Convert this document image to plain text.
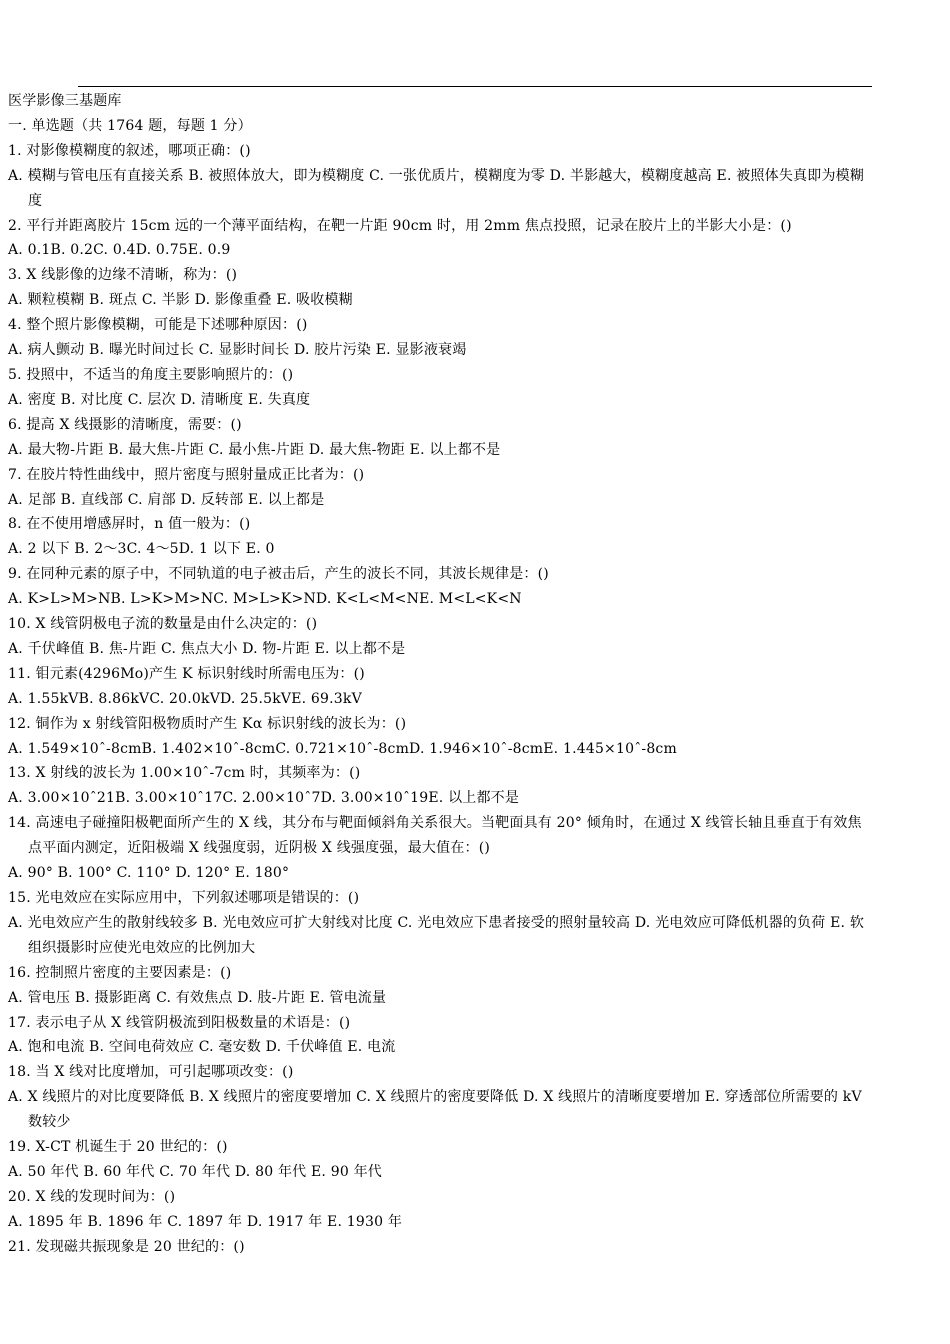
医学影像三基题库
一. 单选题（共 1764 题，每题 1 分）
1. 对影像模糊度的叙述，哪项正确：()
A. 模糊与管电压有直接关系 B. 被照体放大，即为模糊度 C. 一张优质片，模糊度为零 D. 半影越大，模糊度越高 E. 被照体失真即为模糊度
2. 平行并距离胶片 15cm 远的一个薄平面结构，在靶一片距 90cm 时，用 2mm 焦点投照，记录在胶片上的半影大小是：()
A. 0.1B. 0.2C. 0.4D. 0.75E. 0.9
3. X 线影像的边缘不清晰，称为：()
A. 颗粒模糊 B. 斑点 C. 半影 D. 影像重叠 E. 吸收模糊
4. 整个照片影像模糊，可能是下述哪种原因：()
A. 病人颤动 B. 曝光时间过长 C. 显影时间长 D. 胶片污染 E. 显影液衰竭
5. 投照中，不适当的角度主要影响照片的：()
A. 密度 B. 对比度 C. 层次 D. 清晰度 E. 失真度
6. 提高 X 线摄影的清晰度，需要：()
A. 最大物-片距 B. 最大焦-片距 C. 最小焦-片距 D. 最大焦-物距 E. 以上都不是
7. 在胶片特性曲线中，照片密度与照射量成正比者为：()
A. 足部 B. 直线部 C. 肩部 D. 反转部 E. 以上都是
8. 在不使用增感屏时，n 值一般为：()
A. 2 以下 B. 2～3C. 4～5D. 1 以下 E. 0
9. 在同种元素的原子中，不同轨道的电子被击后，产生的波长不同，其波长规律是：()
A. K>L>M>NB. L>K>M>NC. M>L>K>ND. K<L<M<NE. M<L<K<N
10. X 线管阴极电子流的数量是由什么决定的：()
A. 千伏峰值 B. 焦-片距 C. 焦点大小 D. 物-片距 E. 以上都不是
11. 钼元素(4296Mo)产生 K 标识射线时所需电压为：()
A. 1.55kVB. 8.86kVC. 20.0kVD. 25.5kVE. 69.3kV
12. 铜作为 x 射线管阳极物质时产生 Kα 标识射线的波长为：()
A. 1.549×10ˆ-8cmB. 1.402×10ˆ-8cmC. 0.721×10ˆ-8cmD. 1.946×10ˆ-8cmE. 1.445×10ˆ-8cm
13. X 射线的波长为 1.00×10ˆ-7cm 时，其频率为：()
A. 3.00×10ˆ21B. 3.00×10ˆ17C. 2.00×10ˆ7D. 3.00×10ˆ19E. 以上都不是
14. 高速电子碰撞阳极靶面所产生的 X 线，其分布与靶面倾斜角关系很大。当靶面具有 20° 倾角时，在通过 X 线管长轴且垂直于有效焦点平面内测定，近阳极端 X 线强度弱，近阴极 X 线强度强，最大值在：()
A. 90° B. 100° C. 110° D. 120° E. 180°
15. 光电效应在实际应用中，下列叙述哪项是错误的：()
A. 光电效应产生的散射线较多 B. 光电效应可扩大射线对比度 C. 光电效应下患者接受的照射量较高 D. 光电效应可降低机器的负荷 E. 软组织摄影时应使光电效应的比例加大
16. 控制照片密度的主要因素是：()
A. 管电压 B. 摄影距离 C. 有效焦点 D. 肢-片距 E. 管电流量
17. 表示电子从 X 线管阴极流到阳极数量的术语是：()
A. 饱和电流 B. 空间电荷效应 C. 毫安数 D. 千伏峰值 E. 电流
18. 当 X 线对比度增加，可引起哪项改变：()
A. X 线照片的对比度要降低 B. X 线照片的密度要增加 C. X 线照片的密度要降低 D. X 线照片的清晰度要增加 E. 穿透部位所需要的 kV 数较少
19. X-CT 机诞生于 20 世纪的：()
A. 50 年代 B. 60 年代 C. 70 年代 D. 80 年代 E. 90 年代
20. X 线的发现时间为：()
A. 1895 年 B. 1896 年 C. 1897 年 D. 1917 年 E. 1930 年
21. 发现磁共振现象是 20 世纪的：()
